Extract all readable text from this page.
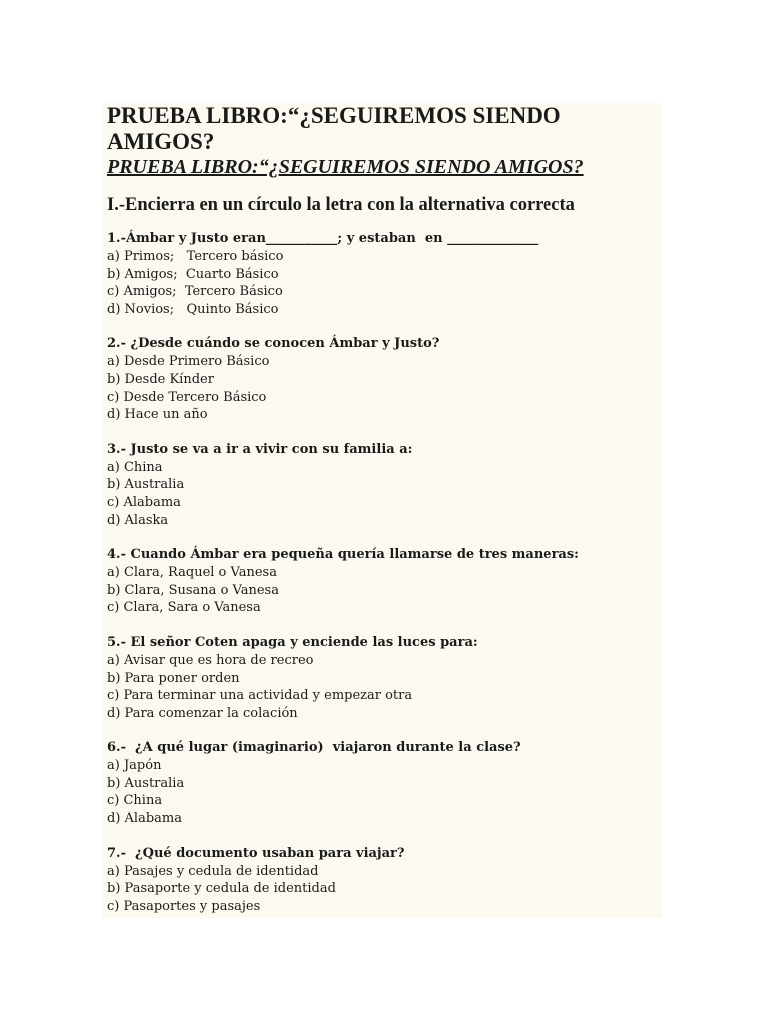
PRUEBA LIBRO:“¿SEGUIREMOS SIENDO AMIGOS?
PRUEBA LIBRO:“¿SEGUIREMOS SIENDO AMIGOS?
I.-Encierra en un círculo la letra con la alternativa correcta
1.-Ámbar y Justo eran___________; y estaban  en ______________
a) Primos;   Tercero básico
b) Amigos;  Cuarto Básico
c) Amigos;  Tercero Básico
d) Novios;   Quinto Básico
2.- ¿Desde cuándo se conocen Ámbar y Justo?
a) Desde Primero Básico
b) Desde Kínder
c) Desde Tercero Básico
d) Hace un año
3.- Justo se va a ir a vivir con su familia a:
a) China
b) Australia
c) Alabama
d) Alaska
4.- Cuando Ámbar era pequeña quería llamarse de tres maneras:
a) Clara, Raquel o Vanesa
b) Clara, Susana o Vanesa
c) Clara, Sara o Vanesa
5.- El señor Coten apaga y enciende las luces para:
a) Avisar que es hora de recreo
b) Para poner orden
c) Para terminar una actividad y empezar otra
d) Para comenzar la colación
6.-  ¿A qué lugar (imaginario)  viajaron durante la clase?
a) Japón
b) Australia
c) China
d) Alabama
7.-  ¿Qué documento usaban para viajar?
a) Pasajes y cedula de identidad
b) Pasaporte y cedula de identidad
c) Pasaportes y pasajes
